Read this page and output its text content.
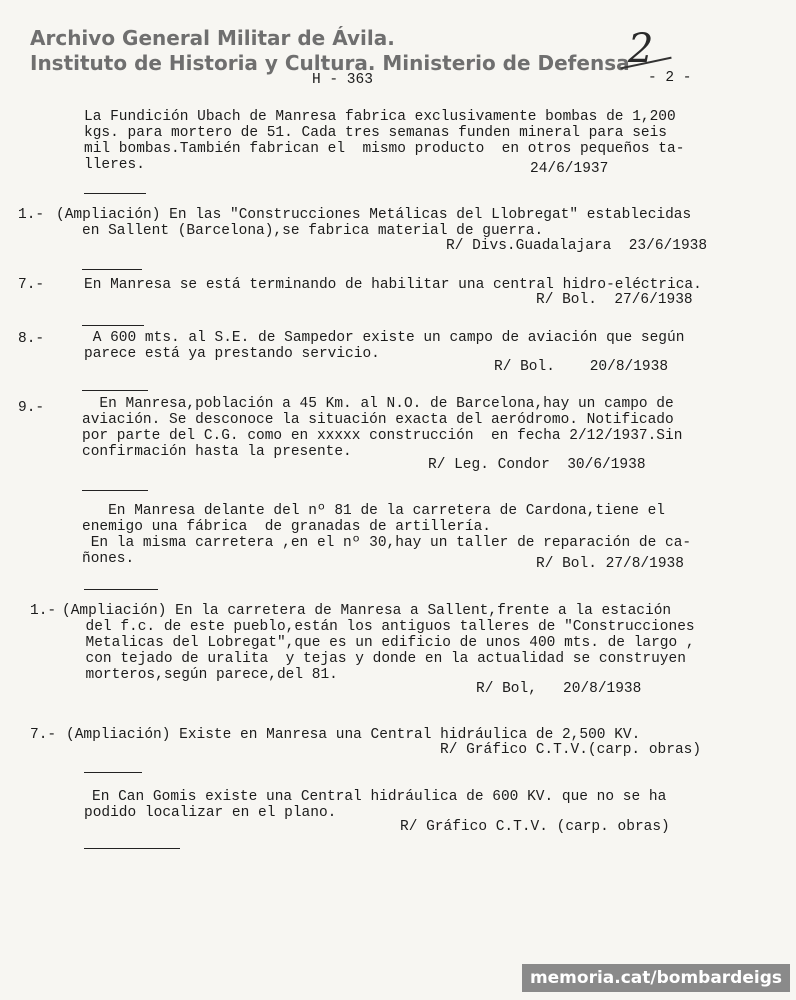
Archivo General Militar de Ávila.
Instituto de Historia y Cultura. Ministerio de Defensa
H - 363	- 2 -
2
La Fundición Ubach de Manresa fabrica exclusivamente bombas de 1,200
kgs. para mortero de 51. Cada tres semanas funden mineral para seis
mil bombas.También fabrican el  mismo producto  en otros pequeños ta-
lleres.	24/6/1937
1.- (Ampliación) En las "Construcciones Metálicas del Llobregat" establecidas
en Sallent (Barcelona),se fabrica material de guerra.
R/ Divs.Guadalajara  23/6/1938
7.-	En Manresa se está terminando de habilitar una central hidro-eléctrica.
R/ Bol.  27/6/1938
8.-	A 600 mts. al S.E. de Sampedor existe un campo de aviación que según
parece está ya prestando servicio.
R/ Bol.    20/8/1938
9.-	En Manresa,población a 45 Km. al N.O. de Barcelona,hay un campo de
aviación. Se desconoce la situación exacta del aeródromo. Notificado
por parte del C.G. como en xxxxx construcción  en fecha 2/12/1937.Sin
confirmación hasta la presente.
R/ Leg. Condor  30/6/1938
En Manresa delante del nº 81 de la carretera de Cardona,tiene el
enemigo una fábrica  de granadas de artillería.
En la misma carretera ,en el nº 30,hay un taller de reparación de ca-
ñones.	R/ Bol. 27/8/1938
1.- (Ampliación) En la carretera de Manresa a Sallent,frente a la estación
del f.c. de este pueblo,están los antiguos talleres de "Construcciones
Metalicas del Lobregat",que es un edificio de unos 400 mts. de largo ,
con tejado de uralita  y tejas y donde en la actualidad se construyen
morteros,según parece,del 81.
R/ Bol,   20/8/1938
7.- (Ampliación) Existe en Manresa una Central hidráulica de 2,500 KV.
R/ Gráfico C.T.V.(carp. obras)
En Can Gomis existe una Central hidráulica de 600 KV. que no se ha
podido localizar en el plano.
R/ Gráfico C.T.V. (carp. obras)
memoria.cat/bombardeigs
